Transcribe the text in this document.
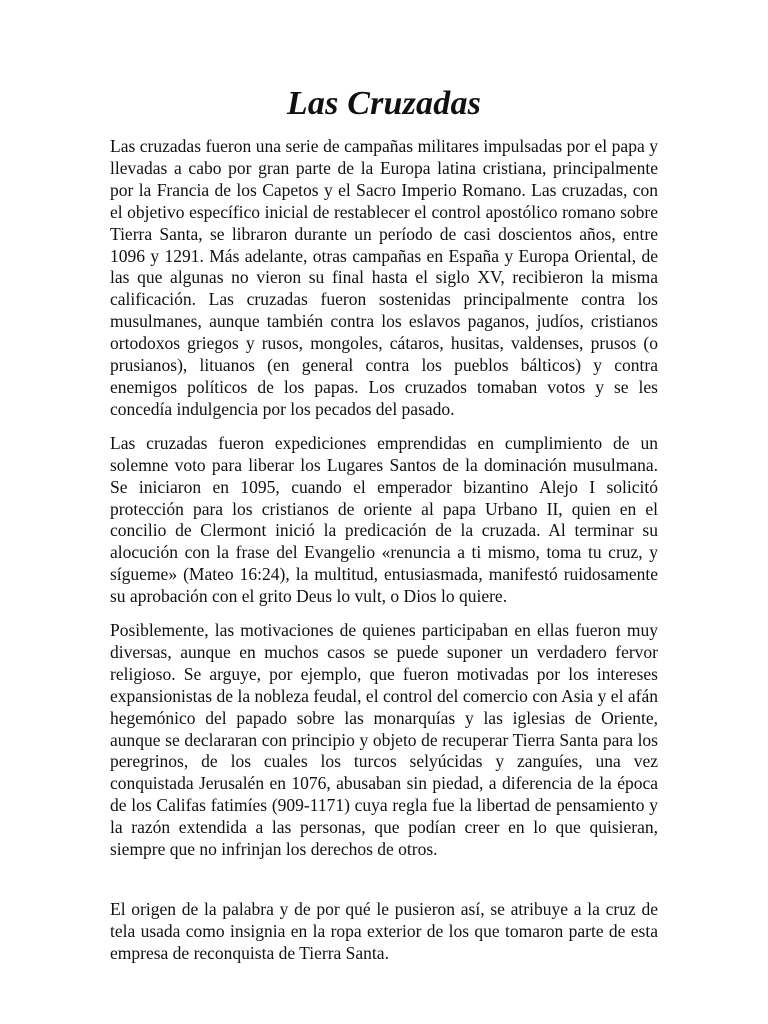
Las Cruzadas

Las cruzadas fueron una serie de campañas militares impulsadas por el papa y llevadas a cabo por gran parte de la Europa latina cristiana, principalmente por la Francia de los Capetos y el Sacro Imperio Romano. Las cruzadas, con el objetivo específico inicial de restablecer el control apostólico romano sobre Tierra Santa, se libraron durante un período de casi doscientos años, entre 1096 y 1291. Más adelante, otras campañas en España y Europa Oriental, de las que algunas no vieron su final hasta el siglo XV, recibieron la misma calificación. Las cruzadas fueron sostenidas principalmente contra los musulmanes, aunque también contra los eslavos paganos, judíos, cristianos ortodoxos griegos y rusos, mongoles, cátaros, husitas, valdenses, prusos (o prusianos), lituanos (en general contra los pueblos bálticos) y contra enemigos políticos de los papas. Los cruzados tomaban votos y se les concedía indulgencia por los pecados del pasado.

Las cruzadas fueron expediciones emprendidas en cumplimiento de un solemne voto para liberar los Lugares Santos de la dominación musulmana. Se iniciaron en 1095, cuando el emperador bizantino Alejo I solicitó protección para los cristianos de oriente al papa Urbano II, quien en el concilio de Clermont inició la predicación de la cruzada. Al terminar su alocución con la frase del Evangelio «renuncia a ti mismo, toma tu cruz, y sígueme» (Mateo 16:24), la multitud, entusiasmada, manifestó ruidosamente su aprobación con el grito Deus lo vult, o Dios lo quiere.

Posiblemente, las motivaciones de quienes participaban en ellas fueron muy diversas, aunque en muchos casos se puede suponer un verdadero fervor religioso. Se arguye, por ejemplo, que fueron motivadas por los intereses expansionistas de la nobleza feudal, el control del comercio con Asia y el afán hegemónico del papado sobre las monarquías y las iglesias de Oriente, aunque se declararan con principio y objeto de recuperar Tierra Santa para los peregrinos, de los cuales los turcos selyúcidas y zanguíes, una vez conquistada Jerusalén en 1076, abusaban sin piedad, a diferencia de la época de los Califas fatimíes (909-1171) cuya regla fue la libertad de pensamiento y la razón extendida a las personas, que podían creer en lo que quisieran, siempre que no infrinjan los derechos de otros.

El origen de la palabra y de por qué le pusieron así, se atribuye a la cruz de tela usada como insignia en la ropa exterior de los que tomaron parte de esta empresa de reconquista de Tierra Santa.
